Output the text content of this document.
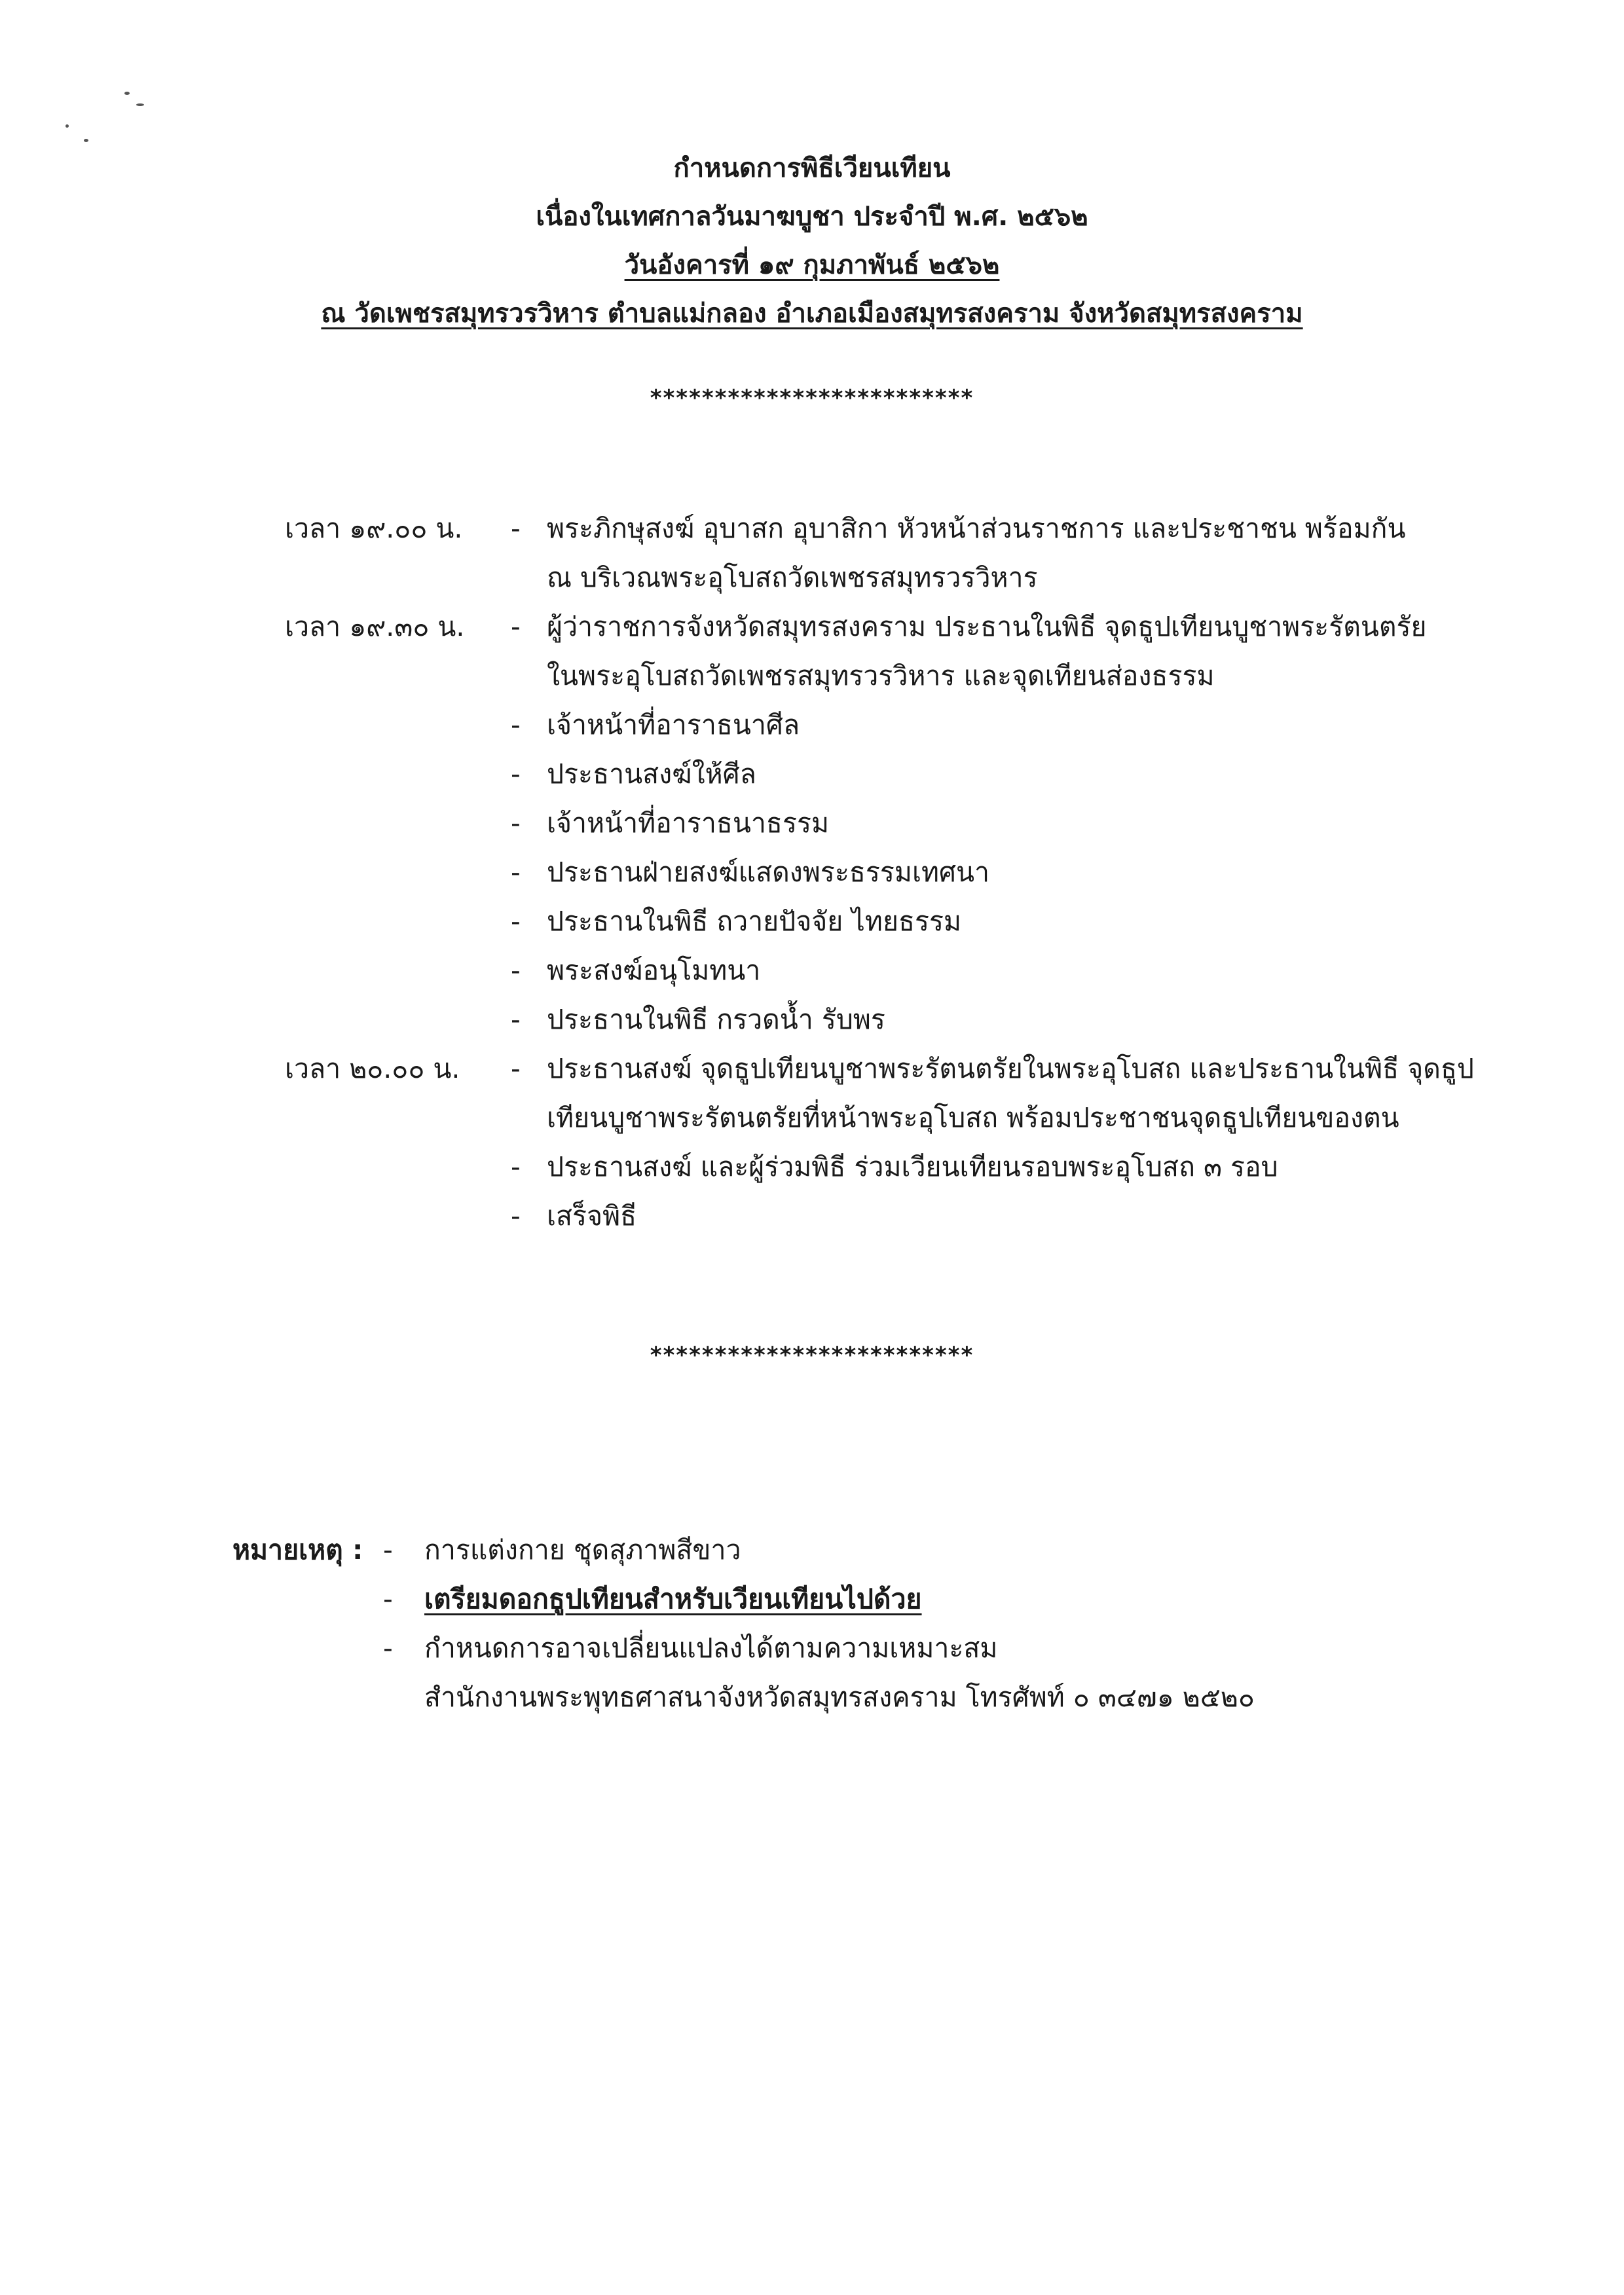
กำหนดการพิธีเวียนเทียน
เนื่องในเทศกาลวันมาฆบูชา ประจำปี พ.ศ. ๒๕๖๒
วันอังคารที่ ๑๙ กุมภาพันธ์ ๒๕๖๒
ณ วัดเพชรสมุทรวรวิหาร ตำบลแม่กลอง อำเภอเมืองสมุทรสงคราม จังหวัดสมุทรสงคราม
*************************
เวลา ๑๙.๐๐ น.	- พระภิกษุสงฆ์ อุบาสก อุบาสิกา หัวหน้าส่วนราชการ และประชาชน พร้อมกัน
ณ บริเวณพระอุโบสถวัดเพชรสมุทรวรวิหาร
เวลา ๑๙.๓๐ น.	- ผู้ว่าราชการจังหวัดสมุทรสงคราม ประธานในพิธี จุดธูปเทียนบูชาพระรัตนตรัย
ในพระอุโบสถวัดเพชรสมุทรวรวิหาร และจุดเทียนส่องธรรม
- เจ้าหน้าที่อาราธนาศีล
- ประธานสงฆ์ให้ศีล
- เจ้าหน้าที่อาราธนาธรรม
- ประธานฝ่ายสงฆ์แสดงพระธรรมเทศนา
- ประธานในพิธี ถวายปัจจัย ไทยธรรม
- พระสงฆ์อนุโมทนา
- ประธานในพิธี กรวดน้ำ รับพร
เวลา ๒๐.๐๐ น.	- ประธานสงฆ์ จุดธูปเทียนบูชาพระรัตนตรัยในพระอุโบสถ และประธานในพิธี จุดธูป
เทียนบูชาพระรัตนตรัยที่หน้าพระอุโบสถ พร้อมประชาชนจุดธูปเทียนของตน
- ประธานสงฆ์ และผู้ร่วมพิธี ร่วมเวียนเทียนรอบพระอุโบสถ ๓ รอบ
- เสร็จพิธี
*************************
หมายเหตุ : -	การแต่งกาย ชุดสุภาพสีขาว
-	เตรียมดอกธูปเทียนสำหรับเวียนเทียนไปด้วย
-	กำหนดการอาจเปลี่ยนแปลงได้ตามความเหมาะสม
สำนักงานพระพุทธศาสนาจังหวัดสมุทรสงคราม โทรศัพท์ ๐ ๓๔๗๑ ๒๕๒๐
